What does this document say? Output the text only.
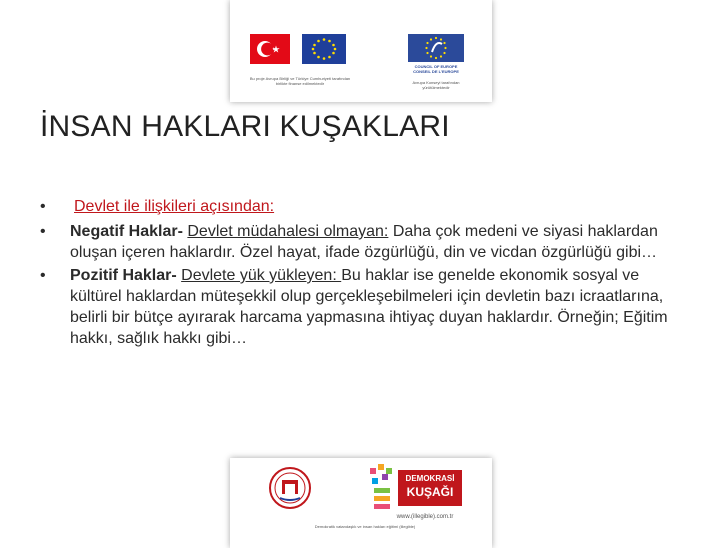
Bu proje Avrupa Birliği ve Türkiye Cumhuriyeti tarafından birlikte finanse edilmektedir
COUNCIL OF EUROPE
CONSEIL DE L'EUROPE
Avrupa Konseyi tarafından yürütülmektedir
İNSAN HAKLARI KUŞAKLARI
•	Devlet ile ilişkileri açısından:
•	Negatif Haklar- Devlet müdahalesi olmayan: Daha çok medeni ve siyasi haklardan oluşan içeren haklardır. Özel hayat, ifade özgürlüğü, din ve vicdan özgürlüğü gibi…
•	Pozitif Haklar- Devlete yük yükleyen: Bu haklar ise genelde ekonomik sosyal ve kültürel haklardan müteşekkil olup gerçekleşebilmeleri için devletin bazı icraatlarına, belirli bir bütçe ayırarak harcama yapmasına ihtiyaç duyan haklardır. Örneğin; Eğitim hakkı, sağlık hakkı gibi…
DEMOKRASİ
KUŞAĞI
www.(illegible).com.tr
Demokratik vatandaşlık ve insan hakları eğitimi (illegible)
